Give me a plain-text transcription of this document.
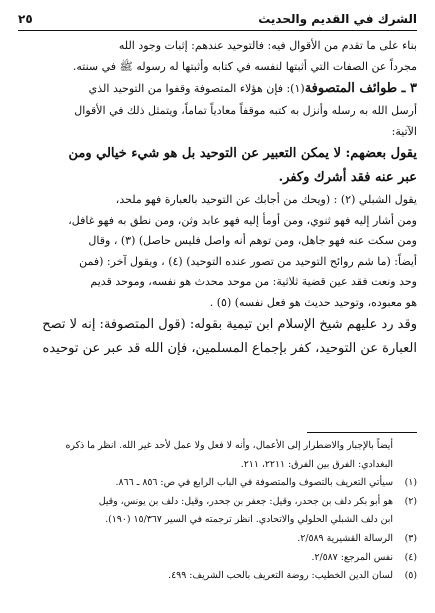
الشرك في القديم والحديث
٢٥

بناء على ما تقدم من الأقوال فيه: فالتوحيد عندهم: إثبات وجود الله

مجرداً عن الصفات التي أثبتها لنفسه في كتابه وأثبتها له رسوله ﷺ في سنته.

٣ ـ طوائف المتصوفة(١): فإن هؤلاء المتصوفة وقفوا من التوحيد الذي

أرسل الله به رسله وأنزل به كتبه موقفاً معادياً تماماً، ويتمثل ذلك في الأقوال

الآتية:

يقول بعضهم: لا يمكن التعبير عن التوحيد بل هو شيء خيالي ومن

عبر عنه فقد أشرك وكفر.

يقول الشبلي (٢) : (ويحك من أجابك عن التوحيد بالعبارة فهو ملحد،

ومن أشار إليه فهو ثنوي، ومن أومأ إليه فهو عابد وثن، ومن نطق به فهو غافل،

ومن سكت عنه فهو جاهل، ومن توهم أنه واصل فليس حاصل) (٣) ، وقال

أيضاً: (ما شم روائح التوحيد من تصور عنده التوحيد) (٤) ، ويقول آخر: (فمن

وحد ونعت فقد عين قضية ثلاثية: من موحد محدث هو نفسه، وموحد قديم

هو معبوده، وتوحيد حديث هو فعل نفسه) (٥) .

وقد رد عليهم شيخ الإسلام ابن تيمية بقوله: (قول المتصوفة: إنه لا تصح

العبارة عن التوحيد، كفر بإجماع المسلمين، فإن الله قد عبر عن توحيده

أيضاً بالإجبار والاضطرار إلى الأعمال، وأنه لا فعل ولا عمل لأحد غير الله. انظر ما ذكره
البغدادي: الفرق بين الفرق: ٢٢١١، ٢١١.
(١)
سيأتي التعريف بالتصوف والمتصوفة في الباب الرابع في ص: ٨٥٦ ـ ٨٦٦.
(٢)
هو أبو بكر دلف بن جحدر، وقيل: جعفر بن جحدر، وقيل: دلف بن يونس، وقيل
ابن دلف الشبلي الحلولي والاتحادي. انظر ترجمته في السير ١٥/٣٦٧ (١٩٠).
(٣)
الرسالة القشيرية ٢/٥٨٩.
(٤)
نفس المرجع: ٢/٥٨٧.
(٥)
لسان الدين الخطيب: روضة التعريف بالحب الشريف: ٤٩٩.
